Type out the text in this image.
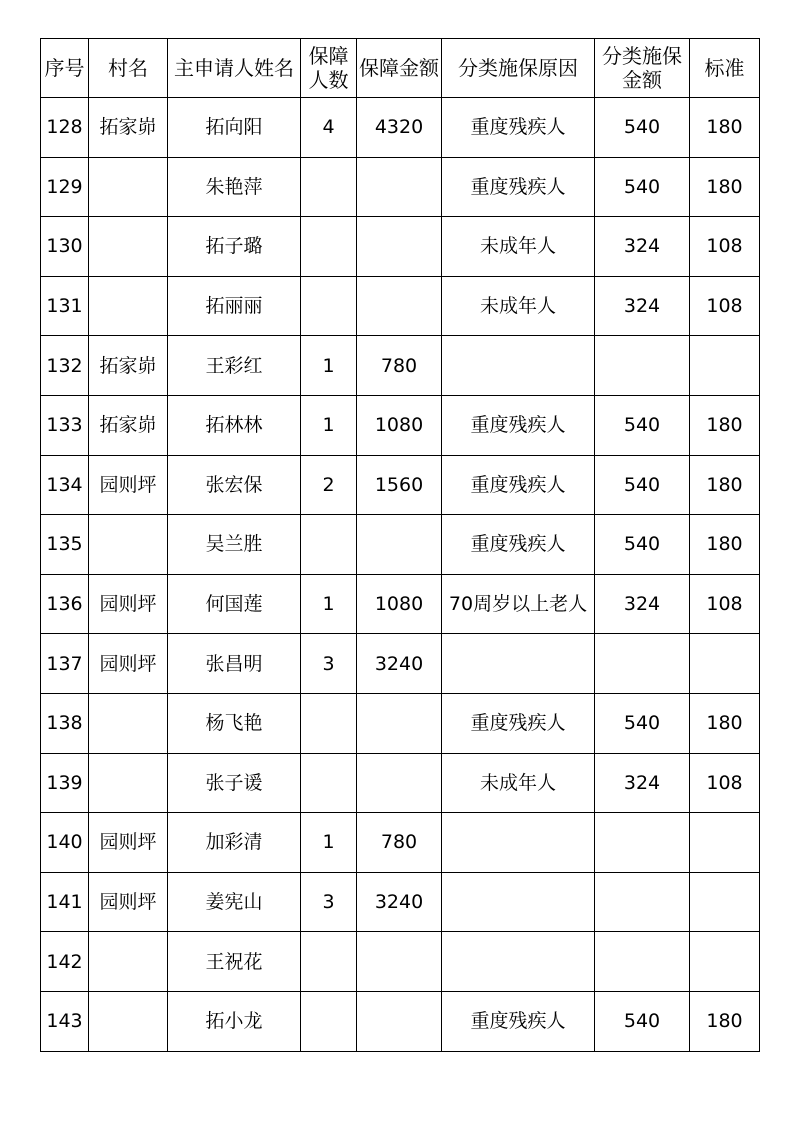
序号	村名	主申请人姓名	保障人数	保障金额	分类施保原因	分类施保金额	标准
128	拓家峁	拓向阳	4	4320	重度残疾人	540	180
129		朱艳萍			重度残疾人	540	180
130		拓子璐			未成年人	324	108
131		拓丽丽			未成年人	324	108
132	拓家峁	王彩红	1	780			
133	拓家峁	拓林林	1	1080	重度残疾人	540	180
134	园则坪	张宏保	2	1560	重度残疾人	540	180
135		吴兰胜			重度残疾人	540	180
136	园则坪	何国莲	1	1080	70周岁以上老人	324	108
137	园则坪	张昌明	3	3240			
138		杨飞艳			重度残疾人	540	180
139		张子谖			未成年人	324	108
140	园则坪	加彩清	1	780			
141	园则坪	姜宪山	3	3240			
142		王祝花					
143		拓小龙			重度残疾人	540	180
